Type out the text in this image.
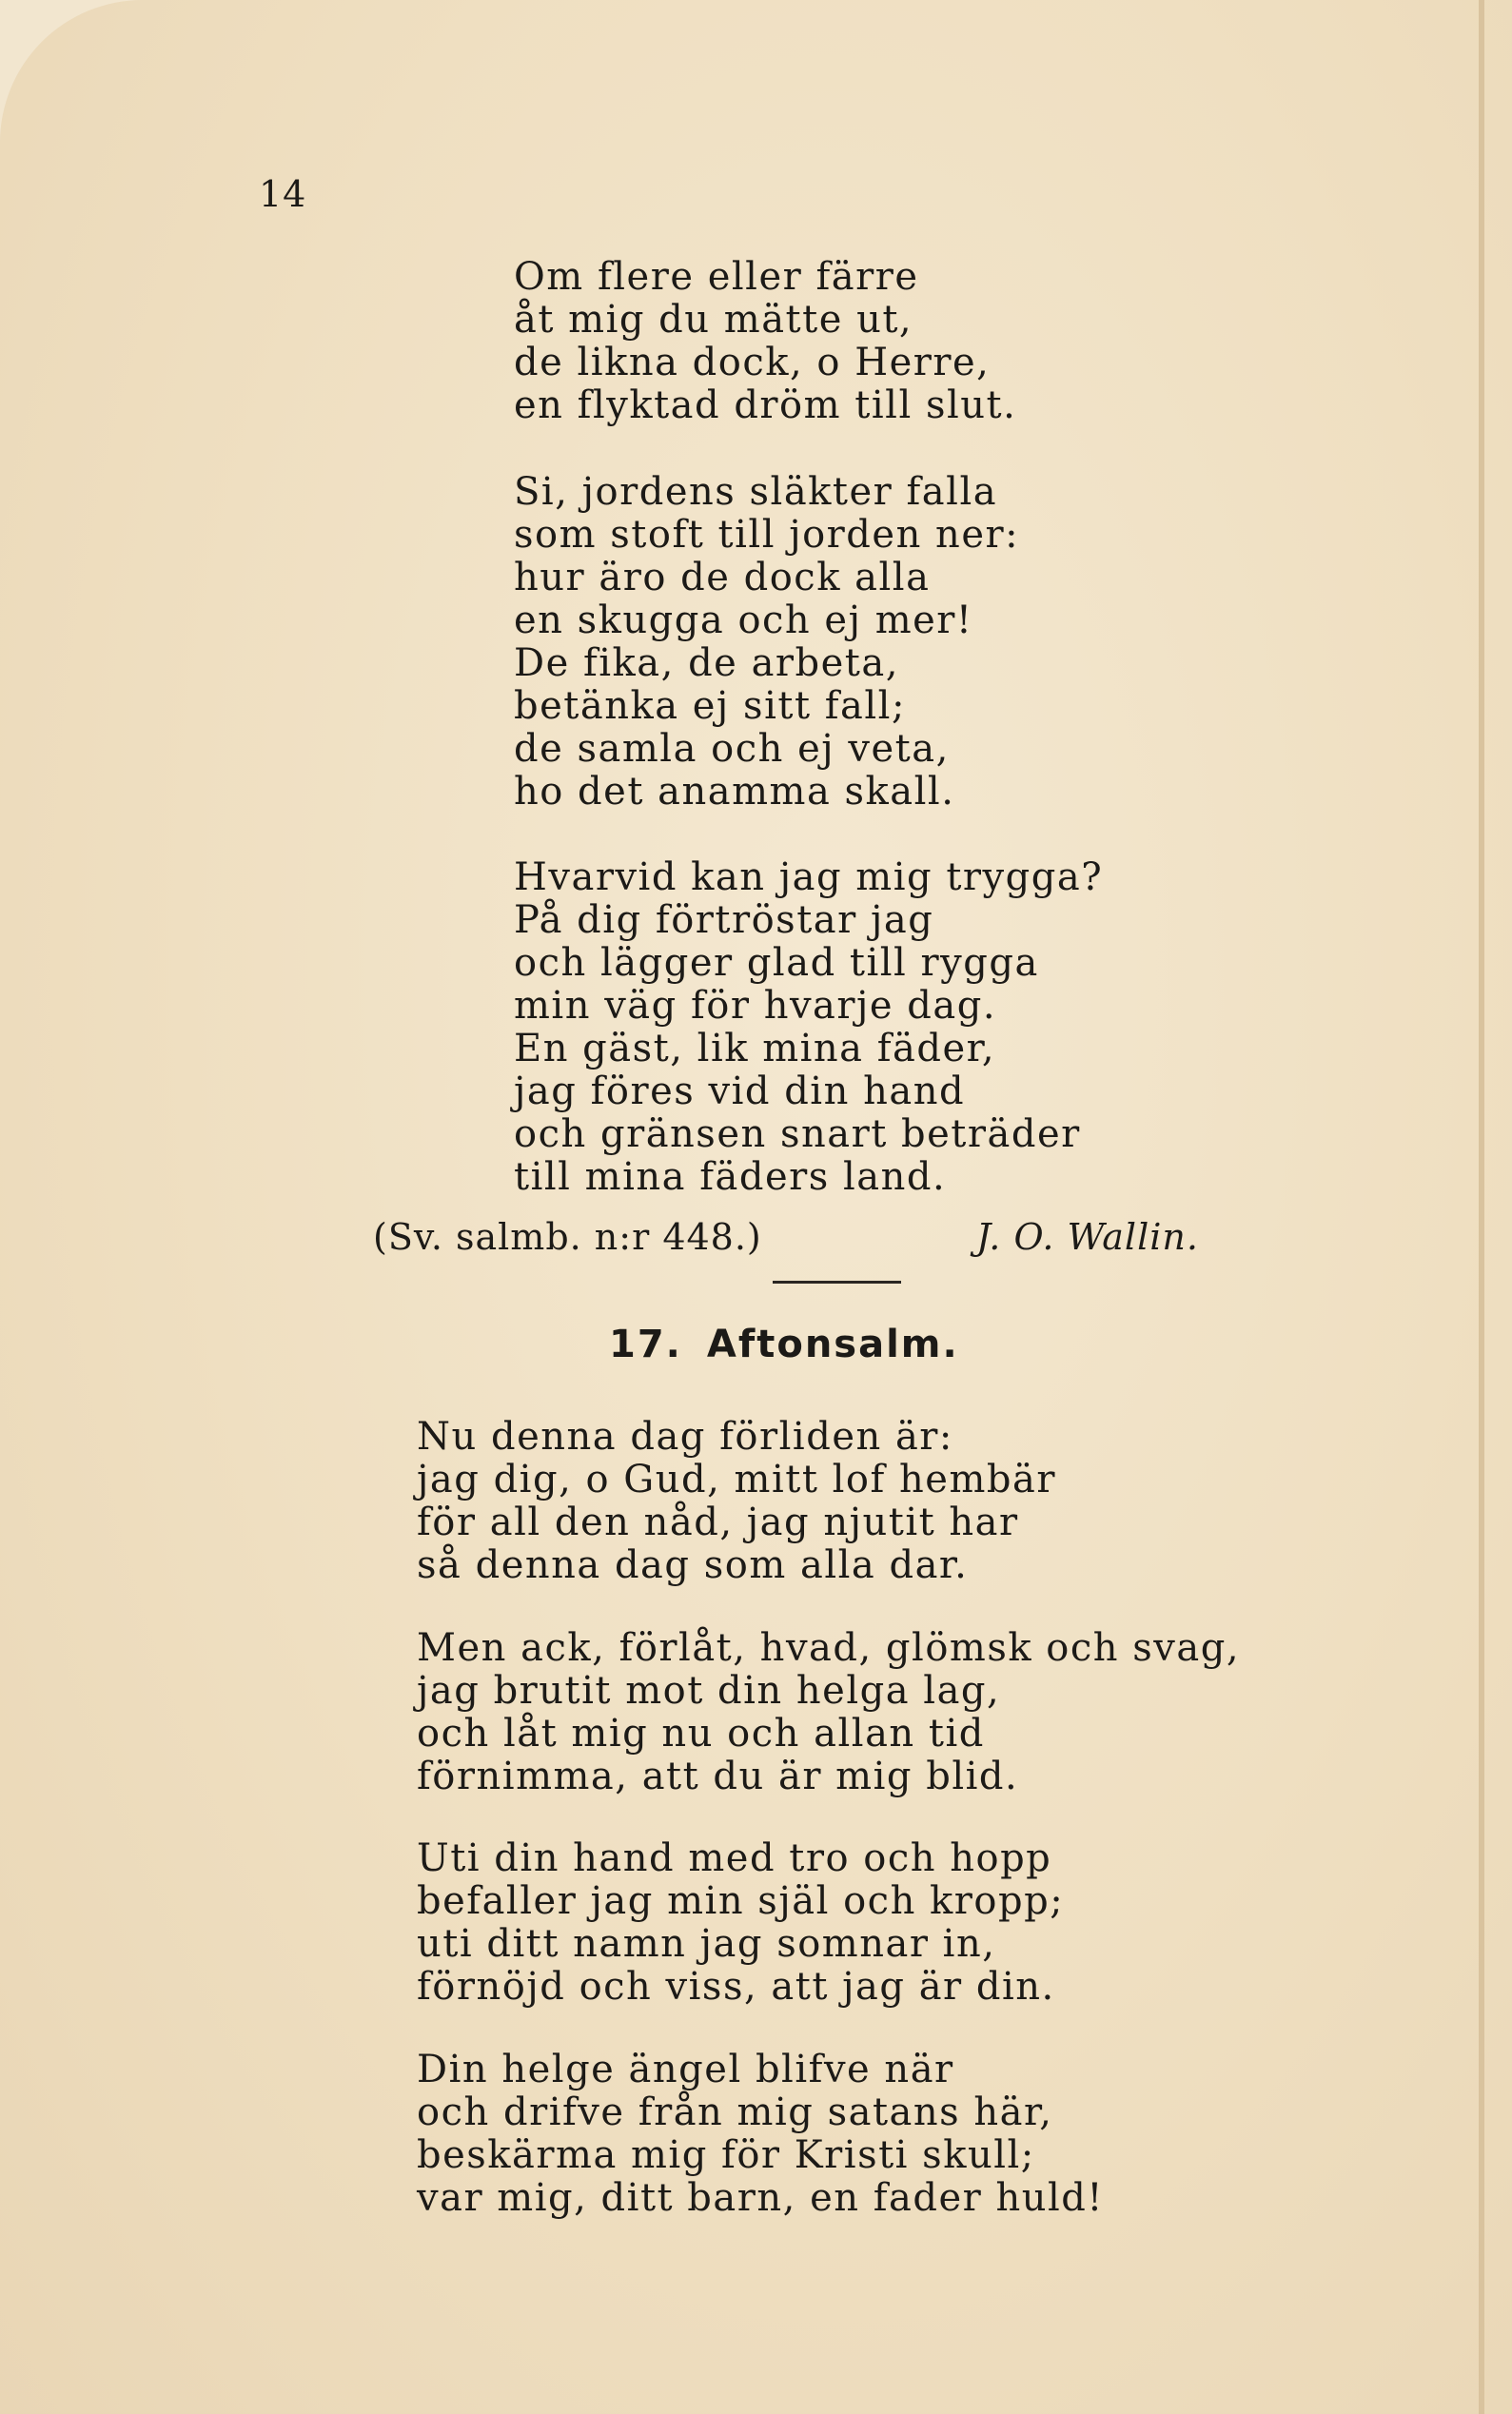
14
Om flere eller färre
åt mig du mätte ut,
de likna dock, o Herre,
en flyktad dröm till slut.
Si, jordens släkter falla
som stoft till jorden ner:
hur äro de dock alla
en skugga och ej mer!
De fika, de arbeta,
betänka ej sitt fall;
de samla och ej veta,
ho det anamma skall.
Hvarvid kan jag mig trygga?
På dig förtröstar jag
och lägger glad till rygga
min väg för hvarje dag.
En gäst, lik mina fäder,
jag föres vid din hand
och gränsen snart beträder
till mina fäders land.
(Sv. salmb. n:r 448.)	J. O. Wallin.
17. Aftonsalm.
Nu denna dag förliden är:
jag dig, o Gud, mitt lof hembär
för all den nåd, jag njutit har
så denna dag som alla dar.
Men ack, förlåt, hvad, glömsk och svag,
jag brutit mot din helga lag,
och låt mig nu och allan tid
förnimma, att du är mig blid.
Uti din hand med tro och hopp
befaller jag min själ och kropp;
uti ditt namn jag somnar in,
förnöjd och viss, att jag är din.
Din helge ängel blifve när
och drifve från mig satans här,
beskärma mig för Kristi skull;
var mig, ditt barn, en fader huld!
